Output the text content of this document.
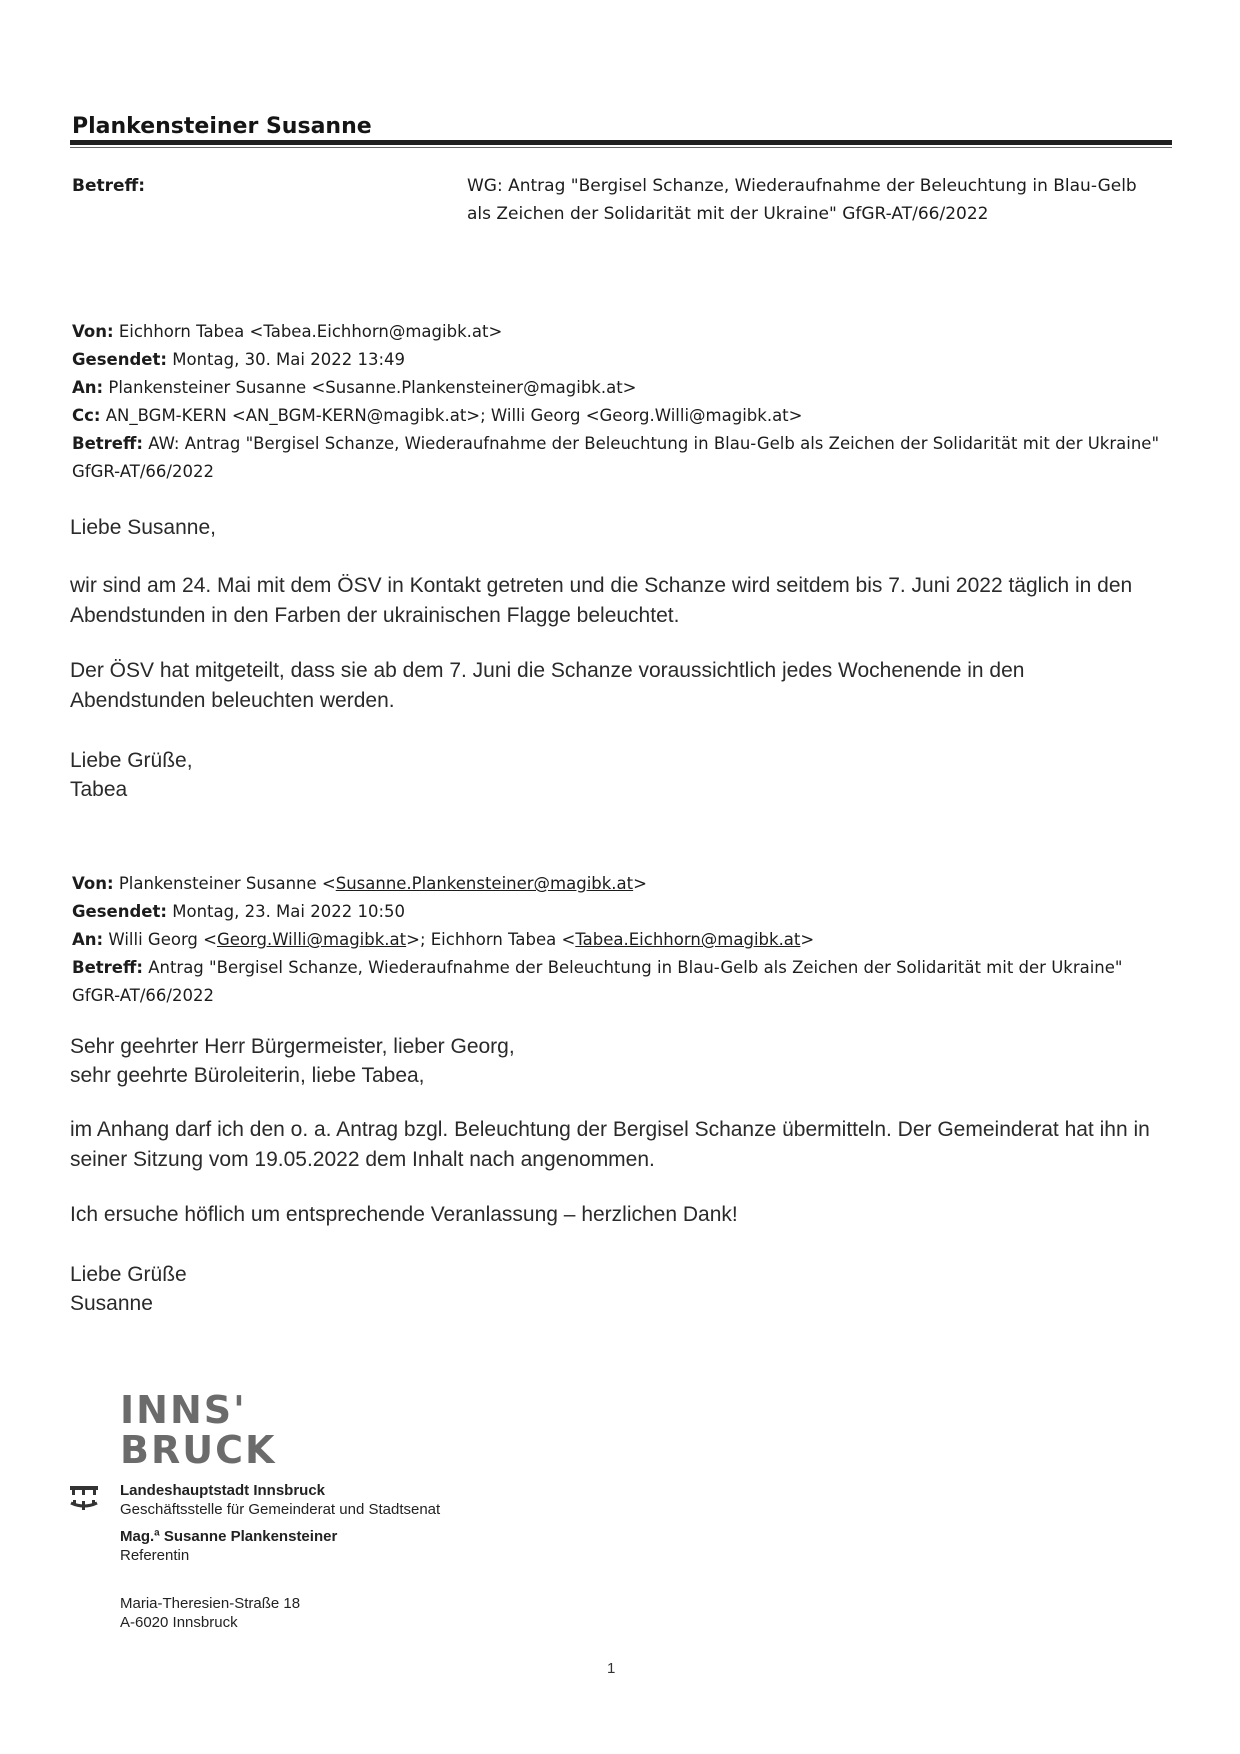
Plankensteiner Susanne
Betreff:	WG: Antrag "Bergisel Schanze, Wiederaufnahme der Beleuchtung in Blau-Gelb als Zeichen der Solidarität mit der Ukraine" GfGR-AT/66/2022
Von: Eichhorn Tabea <Tabea.Eichhorn@magibk.at>
Gesendet: Montag, 30. Mai 2022 13:49
An: Plankensteiner Susanne <Susanne.Plankensteiner@magibk.at>
Cc: AN_BGM-KERN <AN_BGM-KERN@magibk.at>; Willi Georg <Georg.Willi@magibk.at>
Betreff: AW: Antrag "Bergisel Schanze, Wiederaufnahme der Beleuchtung in Blau-Gelb als Zeichen der Solidarität mit der Ukraine" GfGR-AT/66/2022
Liebe Susanne,
wir sind am 24. Mai mit dem ÖSV in Kontakt getreten und die Schanze wird seitdem bis 7. Juni 2022 täglich in den Abendstunden in den Farben der ukrainischen Flagge beleuchtet.
Der ÖSV hat mitgeteilt, dass sie ab dem 7. Juni die Schanze voraussichtlich jedes Wochenende in den Abendstunden beleuchten werden.
Liebe Grüße,
Tabea
Von: Plankensteiner Susanne <Susanne.Plankensteiner@magibk.at>
Gesendet: Montag, 23. Mai 2022 10:50
An: Willi Georg <Georg.Willi@magibk.at>; Eichhorn Tabea <Tabea.Eichhorn@magibk.at>
Betreff: Antrag "Bergisel Schanze, Wiederaufnahme der Beleuchtung in Blau-Gelb als Zeichen der Solidarität mit der Ukraine" GfGR-AT/66/2022
Sehr geehrter Herr Bürgermeister, lieber Georg,
sehr geehrte Büroleiterin, liebe Tabea,
im Anhang darf ich den o. a. Antrag bzgl. Beleuchtung der Bergisel Schanze übermitteln. Der Gemeinderat hat ihn in seiner Sitzung vom 19.05.2022 dem Inhalt nach angenommen.
Ich ersuche höflich um entsprechende Veranlassung – herzlichen Dank!
Liebe Grüße
Susanne
INNS'
BRUCK
Landeshauptstadt Innsbruck
Geschäftsstelle für Gemeinderat und Stadtsenat
Mag.ª Susanne Plankensteiner
Referentin
Maria-Theresien-Straße 18
A-6020 Innsbruck
1
